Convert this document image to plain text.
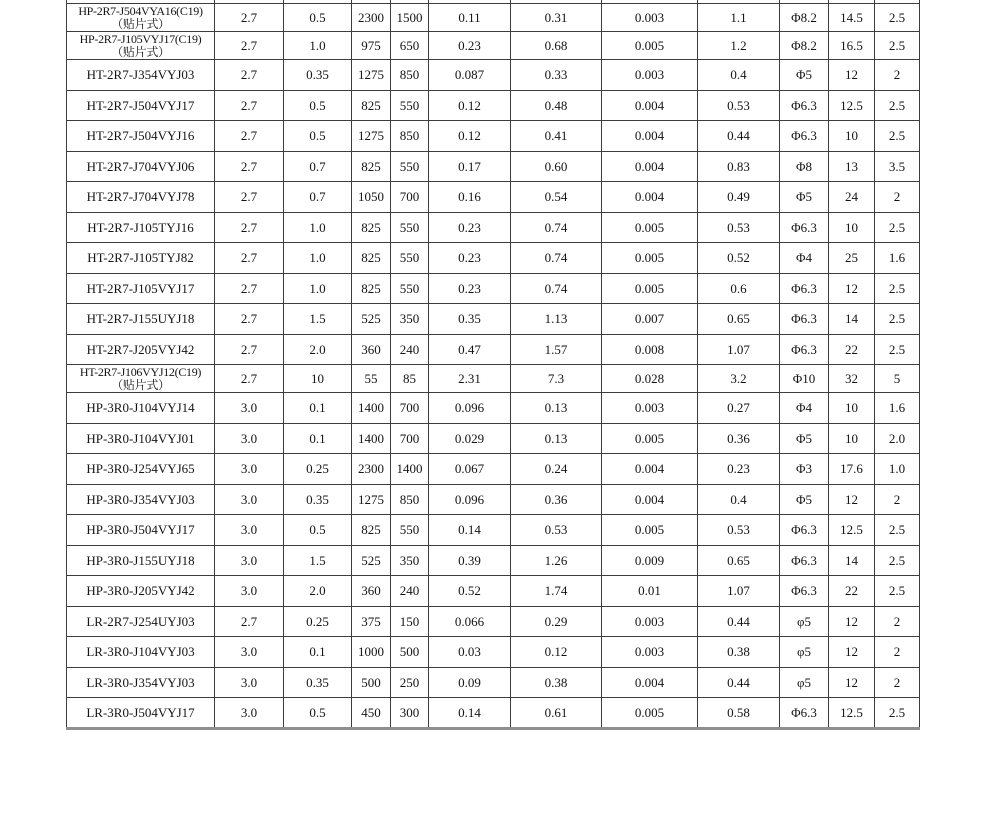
HP-2R7-J504VYA16(C19)
（贴片式）	2.7	0.5	2300	1500	0.11	0.31	0.003	1.1	Φ8.2	14.5	2.5

HP-2R7-J105VYJ17(C19)
（贴片式）	2.7	1.0	975	650	0.23	0.68	0.005	1.2	Φ8.2	16.5	2.5

HT-2R7-J354VYJ03	2.7	0.35	1275	850	0.087	0.33	0.003	0.4	Φ5	12	2

HT-2R7-J504VYJ17	2.7	0.5	825	550	0.12	0.48	0.004	0.53	Φ6.3	12.5	2.5

HT-2R7-J504VYJ16	2.7	0.5	1275	850	0.12	0.41	0.004	0.44	Φ6.3	10	2.5

HT-2R7-J704VYJ06	2.7	0.7	825	550	0.17	0.60	0.004	0.83	Φ8	13	3.5

HT-2R7-J704VYJ78	2.7	0.7	1050	700	0.16	0.54	0.004	0.49	Φ5	24	2

HT-2R7-J105TYJ16	2.7	1.0	825	550	0.23	0.74	0.005	0.53	Φ6.3	10	2.5

HT-2R7-J105TYJ82	2.7	1.0	825	550	0.23	0.74	0.005	0.52	Φ4	25	1.6

HT-2R7-J105VYJ17	2.7	1.0	825	550	0.23	0.74	0.005	0.6	Φ6.3	12	2.5

HT-2R7-J155UYJ18	2.7	1.5	525	350	0.35	1.13	0.007	0.65	Φ6.3	14	2.5

HT-2R7-J205VYJ42	2.7	2.0	360	240	0.47	1.57	0.008	1.07	Φ6.3	22	2.5

HT-2R7-J106VYJ12(C19)
（贴片式）	2.7	10	55	85	2.31	7.3	0.028	3.2	Φ10	32	5

HP-3R0-J104VYJ14	3.0	0.1	1400	700	0.096	0.13	0.003	0.27	Φ4	10	1.6

HP-3R0-J104VYJ01	3.0	0.1	1400	700	0.029	0.13	0.005	0.36	Φ5	10	2.0

HP-3R0-J254VYJ65	3.0	0.25	2300	1400	0.067	0.24	0.004	0.23	Φ3	17.6	1.0

HP-3R0-J354VYJ03	3.0	0.35	1275	850	0.096	0.36	0.004	0.4	Φ5	12	2

HP-3R0-J504VYJ17	3.0	0.5	825	550	0.14	0.53	0.005	0.53	Φ6.3	12.5	2.5

HP-3R0-J155UYJ18	3.0	1.5	525	350	0.39	1.26	0.009	0.65	Φ6.3	14	2.5

HP-3R0-J205VYJ42	3.0	2.0	360	240	0.52	1.74	0.01	1.07	Φ6.3	22	2.5

LR-2R7-J254UYJ03	2.7	0.25	375	150	0.066	0.29	0.003	0.44	φ5	12	2

LR-3R0-J104VYJ03	3.0	0.1	1000	500	0.03	0.12	0.003	0.38	φ5	12	2

LR-3R0-J354VYJ03	3.0	0.35	500	250	0.09	0.38	0.004	0.44	φ5	12	2

LR-3R0-J504VYJ17	3.0	0.5	450	300	0.14	0.61	0.005	0.58	Φ6.3	12.5	2.5
